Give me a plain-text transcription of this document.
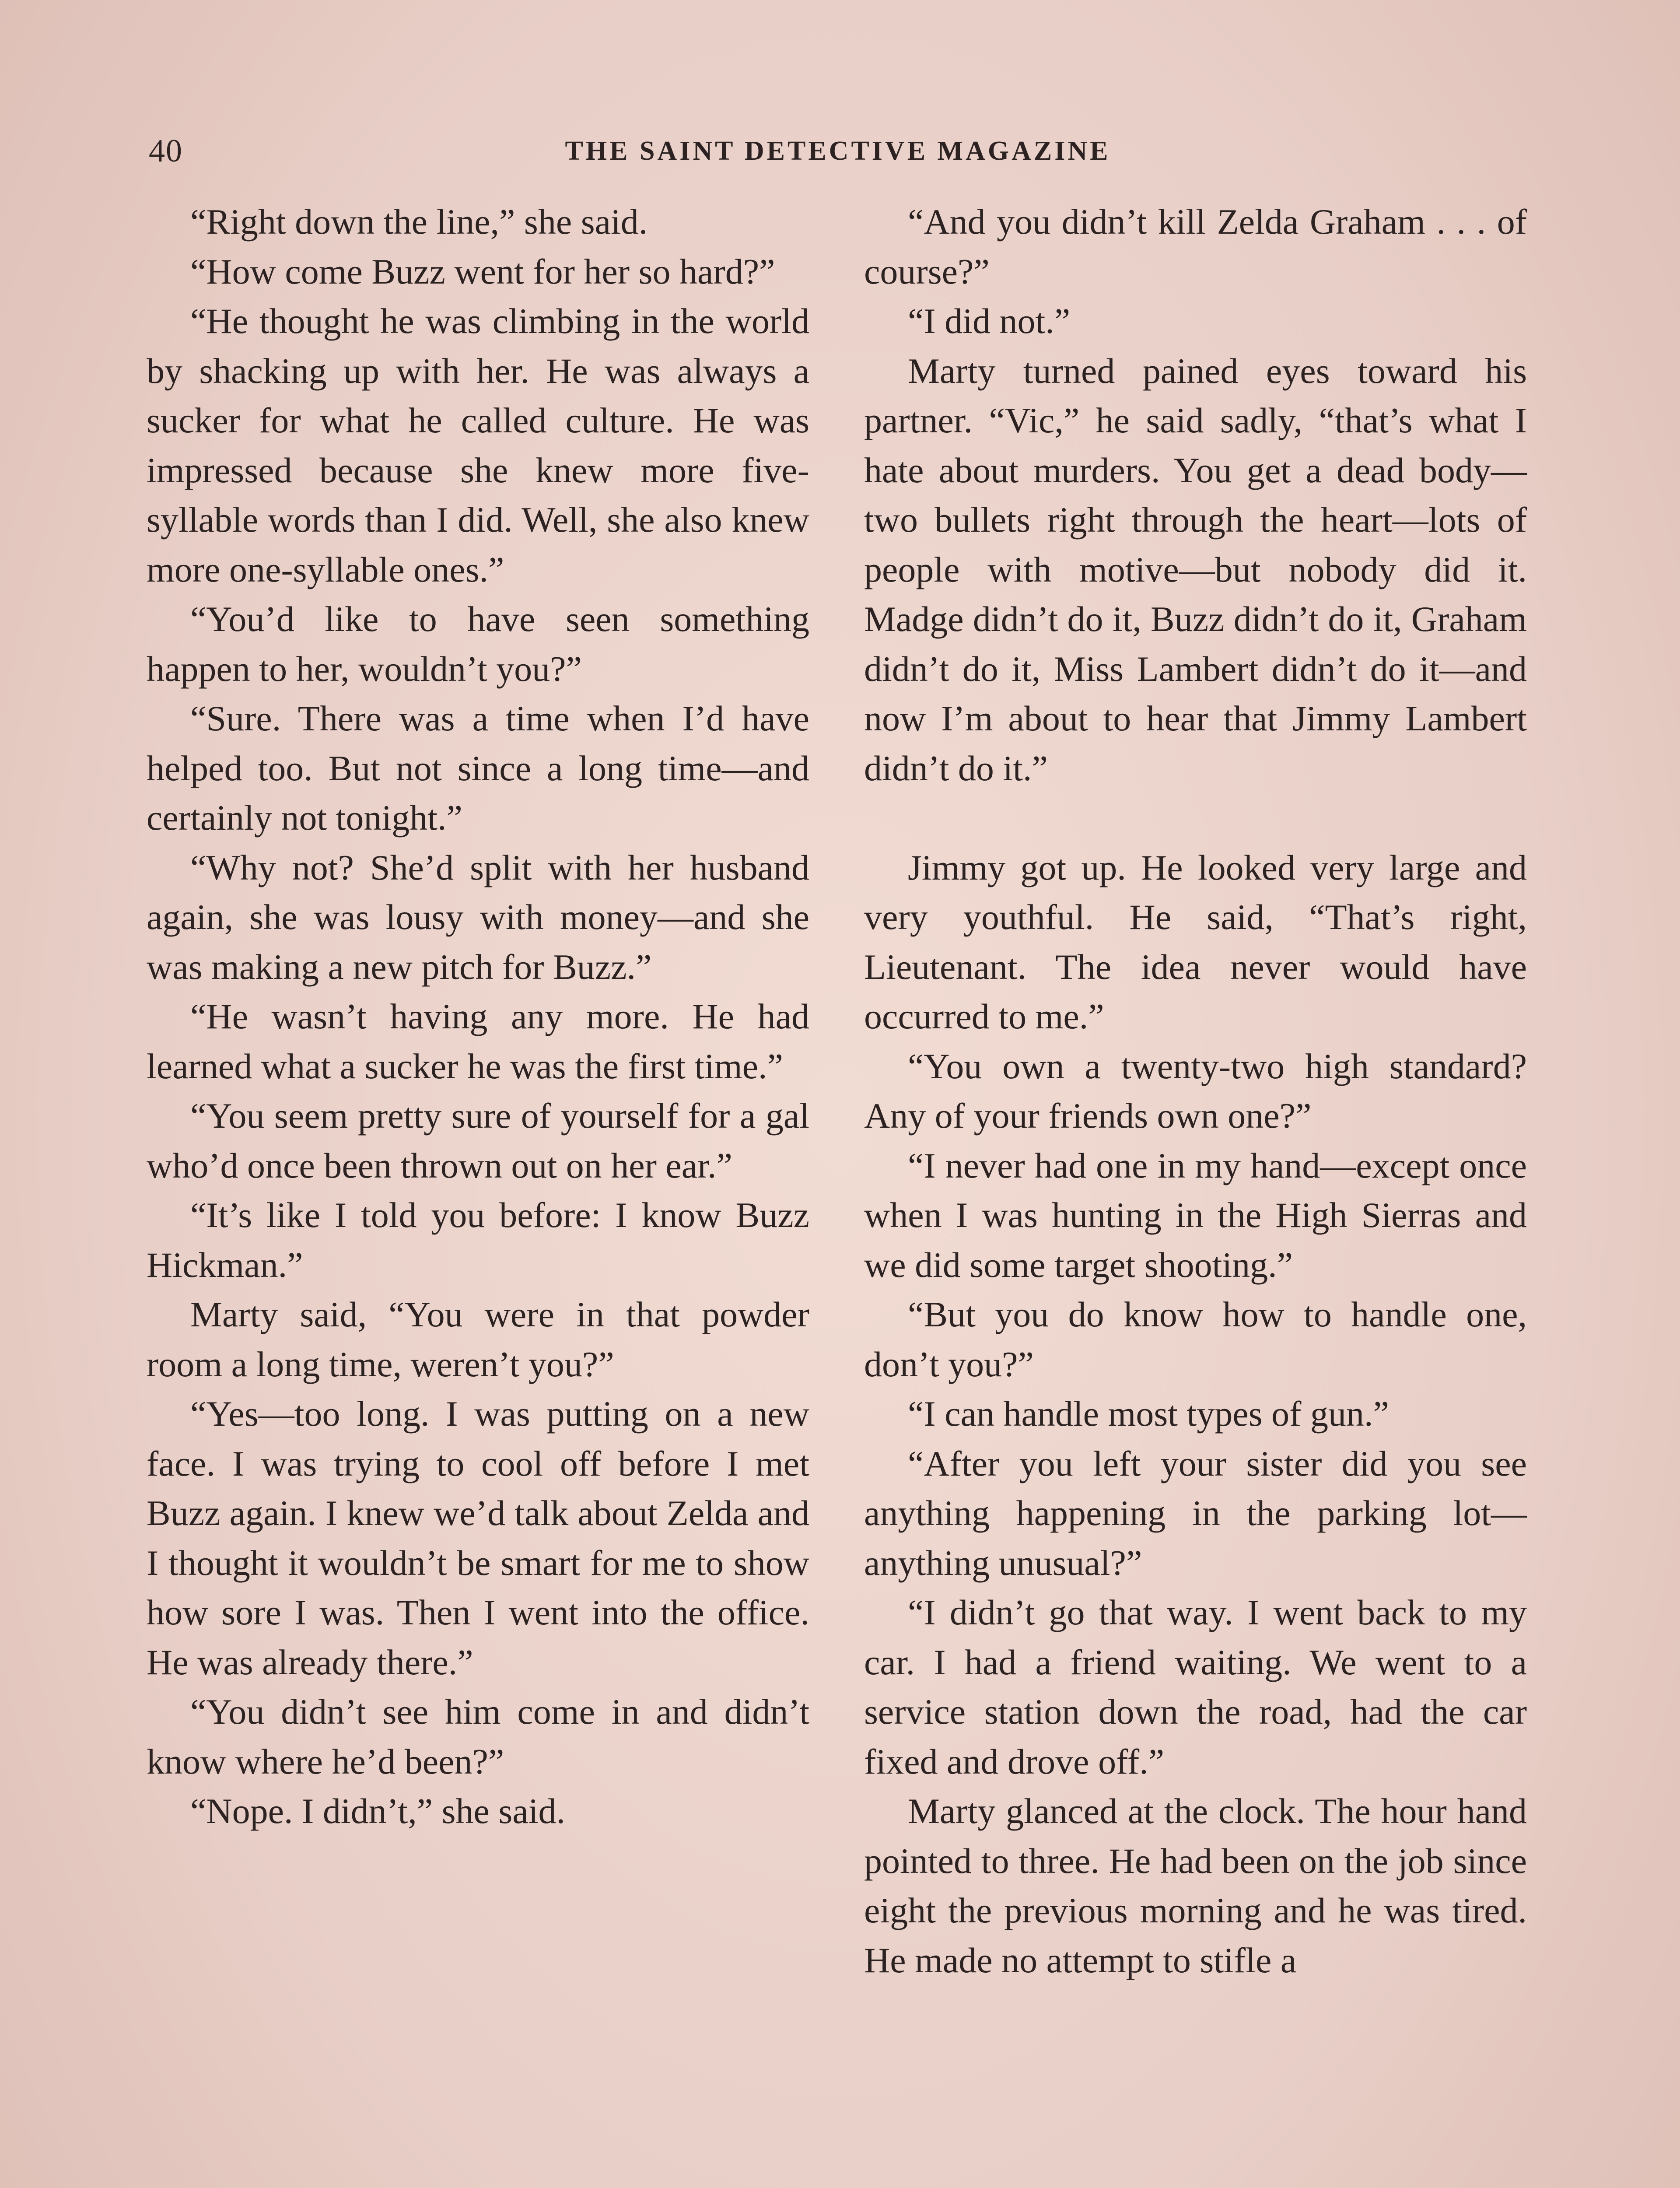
40	THE SAINT DETECTIVE MAGAZINE

“Right down the line,” she said.

“How come Buzz went for her so hard?”

“He thought he was climbing in the world by shacking up with her. He was always a sucker for what he called culture. He was impressed because she knew more five-syllable words than I did. Well, she also knew more one-syllable ones.”

“You’d like to have seen something happen to her, wouldn’t you?”

“Sure. There was a time when I’d have helped too. But not since a long time—and certainly not tonight.”

“Why not? She’d split with her husband again, she was lousy with money—and she was making a new pitch for Buzz.”

“He wasn’t having any more. He had learned what a sucker he was the first time.”

“You seem pretty sure of yourself for a gal who’d once been thrown out on her ear.”

“It’s like I told you before: I know Buzz Hickman.”

Marty said, “You were in that powder room a long time, weren’t you?”

“Yes—too long. I was putting on a new face. I was trying to cool off before I met Buzz again. I knew we’d talk about Zelda and I thought it wouldn’t be smart for me to show how sore I was. Then I went into the office. He was already there.”

“You didn’t see him come in and didn’t know where he’d been?”

“Nope. I didn’t,” she said.

“And you didn’t kill Zelda Graham . . . of course?”

“I did not.”

Marty turned pained eyes toward his partner. “Vic,” he said sadly, “that’s what I hate about murders. You get a dead body—two bullets right through the heart—lots of people with motive—but nobody did it. Madge didn’t do it, Buzz didn’t do it, Graham didn’t do it, Miss Lambert didn’t do it—and now I’m about to hear that Jimmy Lambert didn’t do it.”

Jimmy got up. He looked very large and very youthful. He said, “That’s right, Lieutenant. The idea never would have occurred to me.”

“You own a twenty-two high standard? Any of your friends own one?”

“I never had one in my hand—except once when I was hunting in the High Sierras and we did some target shooting.”

“But you do know how to handle one, don’t you?”

“I can handle most types of gun.”

“After you left your sister did you see anything happening in the parking lot—anything unusual?”

“I didn’t go that way. I went back to my car. I had a friend waiting. We went to a service station down the road, had the car fixed and drove off.”

Marty glanced at the clock. The hour hand pointed to three. He had been on the job since eight the previous morning and he was tired. He made no attempt to stifle a
